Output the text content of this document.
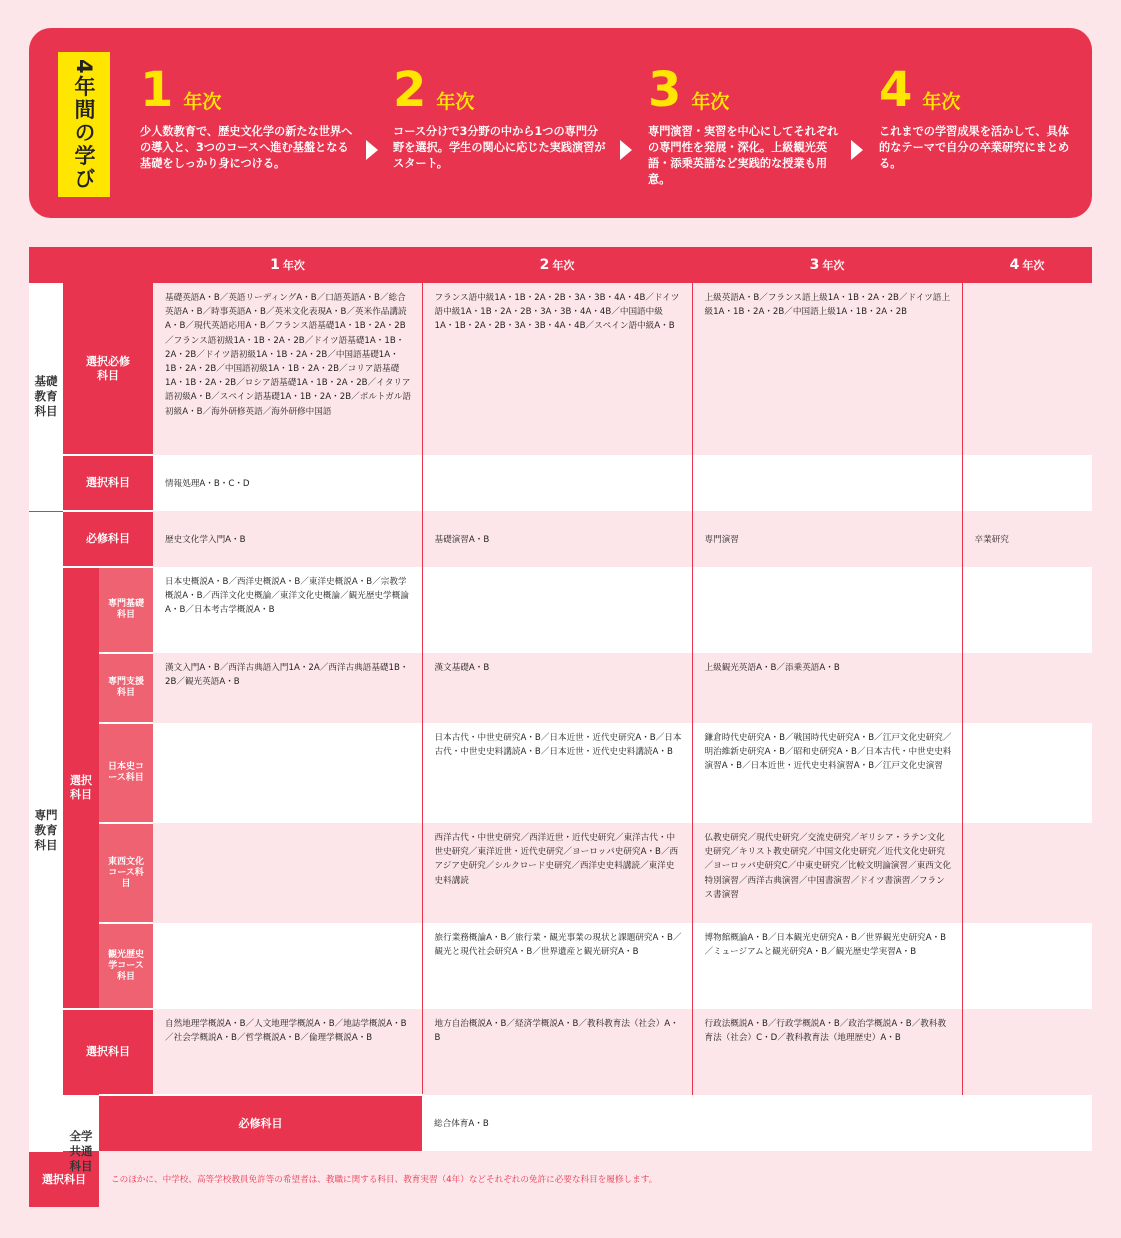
4年間の学び 1 年次
少人数教育で、歴史文化学の新たな世界への導入と、3つのコースへ進む基盤となる基礎をしっかり身につける。
2 年次
コース分けで3分野の中から1つの専門分野を選択。学生の関心に応じた実践演習がスタート。
3 年次
専門演習・実習を中心にしてそれぞれの専門性を発展・深化。上級観光英語・添乗英語など実践的な授業も用意。
4 年次
これまでの学習成果を活かして、具体的なテーマで自分の卒業研究にまとめる。
			1 年次	2 年次	3 年次	4 年次

基礎教育科目	選択必修科目		基礎英語A・B／英語リーディングA・B／口語英語A・B／総合英語A・B／時事英語A・B／英米文化表現A・B／英米作品講読A・B／現代英語応用A・B／フランス語基礎1A・1B・2A・2B／フランス語初級1A・1B・2A・2B／ドイツ語基礎1A・1B・2A・2B／ドイツ語初級1A・1B・2A・2B／中国語基礎1A・1B・2A・2B／中国語初級1A・1B・2A・2B／コリア語基礎1A・1B・2A・2B／ロシア語基礎1A・1B・2A・2B／イタリア語初級A・B／スペイン語基礎1A・1B・2A・2B／ポルトガル語初級A・B／海外研修英語／海外研修中国語	フランス語中級1A・1B・2A・2B・3A・3B・4A・4B／ドイツ語中級1A・1B・2A・2B・3A・3B・4A・4B／中国語中級1A・1B・2A・2B・3A・3B・4A・4B／スペイン語中級A・B	上級英語A・B／フランス語上級1A・1B・2A・2B／ドイツ語上級1A・1B・2A・2B／中国語上級1A・1B・2A・2B	
	選択科目		情報処理A・B・C・D			

専門教育科目	必修科目		歴史文化学入門A・B	基礎演習A・B	専門演習	卒業研究

	選択科目	専門基礎科目	日本史概説A・B／西洋史概説A・B／東洋史概説A・B／宗教学概説A・B／西洋文化史概論／東洋文化史概論／観光歴史学概論A・B／日本考古学概説A・B			

		専門支援科目	漢文入門A・B／西洋古典語入門1A・2A／西洋古典語基礎1B・2B／観光英語A・B	漢文基礎A・B	上級観光英語A・B／添乗英語A・B	

		日本史コース科目		日本古代・中世史研究A・B／日本近世・近代史研究A・B／日本古代・中世史史料講読A・B／日本近世・近代史史料講読A・B	鎌倉時代史研究A・B／戦国時代史研究A・B／江戸文化史研究／明治維新史研究A・B／昭和史研究A・B／日本古代・中世史史料演習A・B／日本近世・近代史史料演習A・B／江戸文化史演習	

		東西文化コース科目		西洋古代・中世史研究／西洋近世・近代史研究／東洋古代・中世史研究／東洋近世・近代史研究／ヨーロッパ史研究A・B／西アジア史研究／シルクロード史研究／西洋史史料講読／東洋史史料講読	仏教史研究／現代史研究／交流史研究／ギリシア・ラテン文化史研究／キリスト教史研究／中国文化史研究／近代文化史研究／ヨーロッパ史研究C／中東史研究／比較文明論演習／東西文化特別演習／西洋古典演習／中国書演習／ドイツ書演習／フランス書演習	

		観光歴史学コース科目		旅行業務概論A・B／旅行業・観光事業の現状と課題研究A・B／観光と現代社会研究A・B／世界遺産と観光研究A・B	博物館概論A・B／日本観光史研究A・B／世界観光史研究A・B／ミュージアムと観光研究A・B／観光歴史学実習A・B	
	選択科目		自然地理学概説A・B／人文地理学概説A・B／地誌学概説A・B／社会学概説A・B／哲学概説A・B／倫理学概説A・B	地方自治概説A・B／経済学概説A・B／教科教育法（社会）A・B	行政法概説A・B／行政学概説A・B／政治学概説A・B／教科教育法（社会）C・D／教科教育法（地理歴史）A・B	

	全学共通科目	必修科目		総合体育A・B		
選択科目		このほかに、中学校、高等学校教員免許等の希望者は、教職に関する科目、教育実習（4年）などそれぞれの免許に必要な科目を履修します。				
